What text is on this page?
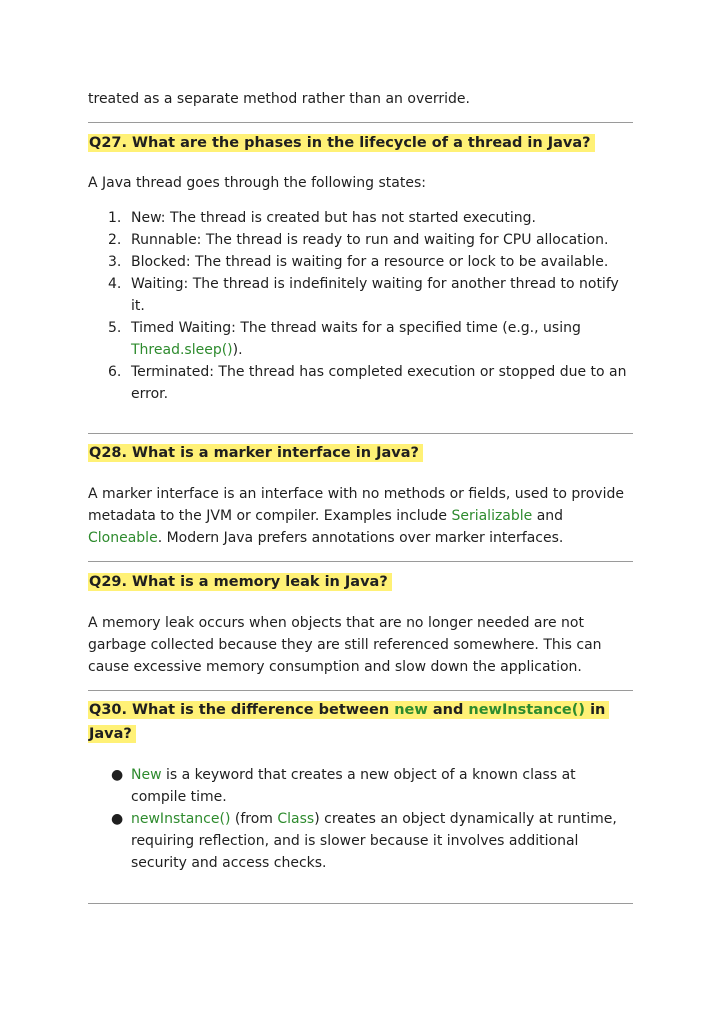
treated as a separate method rather than an override.

Q27. What are the phases in the lifecycle of a thread in Java?

A Java thread goes through the following states:

1. New: The thread is created but has not started executing.
2. Runnable: The thread is ready to run and waiting for CPU allocation.
3. Blocked: The thread is waiting for a resource or lock to be available.
4. Waiting: The thread is indefinitely waiting for another thread to notify it.
5. Timed Waiting: The thread waits for a specified time (e.g., using Thread.sleep()).
6. Terminated: The thread has completed execution or stopped due to an error.
Q28. What is a marker interface in Java?

A marker interface is an interface with no methods or fields, used to provide metadata to the JVM or compiler. Examples include Serializable and Cloneable. Modern Java prefers annotations over marker interfaces.

Q29. What is a memory leak in Java?

A memory leak occurs when objects that are no longer needed are not garbage collected because they are still referenced somewhere. This can cause excessive memory consumption and slow down the application.

Q30. What is the difference between new and newInstance() in Java?
● New is a keyword that creates a new object of a known class at compile time.
● newInstance() (from Class) creates an object dynamically at runtime, requiring reflection, and is slower because it involves additional security and access checks.
